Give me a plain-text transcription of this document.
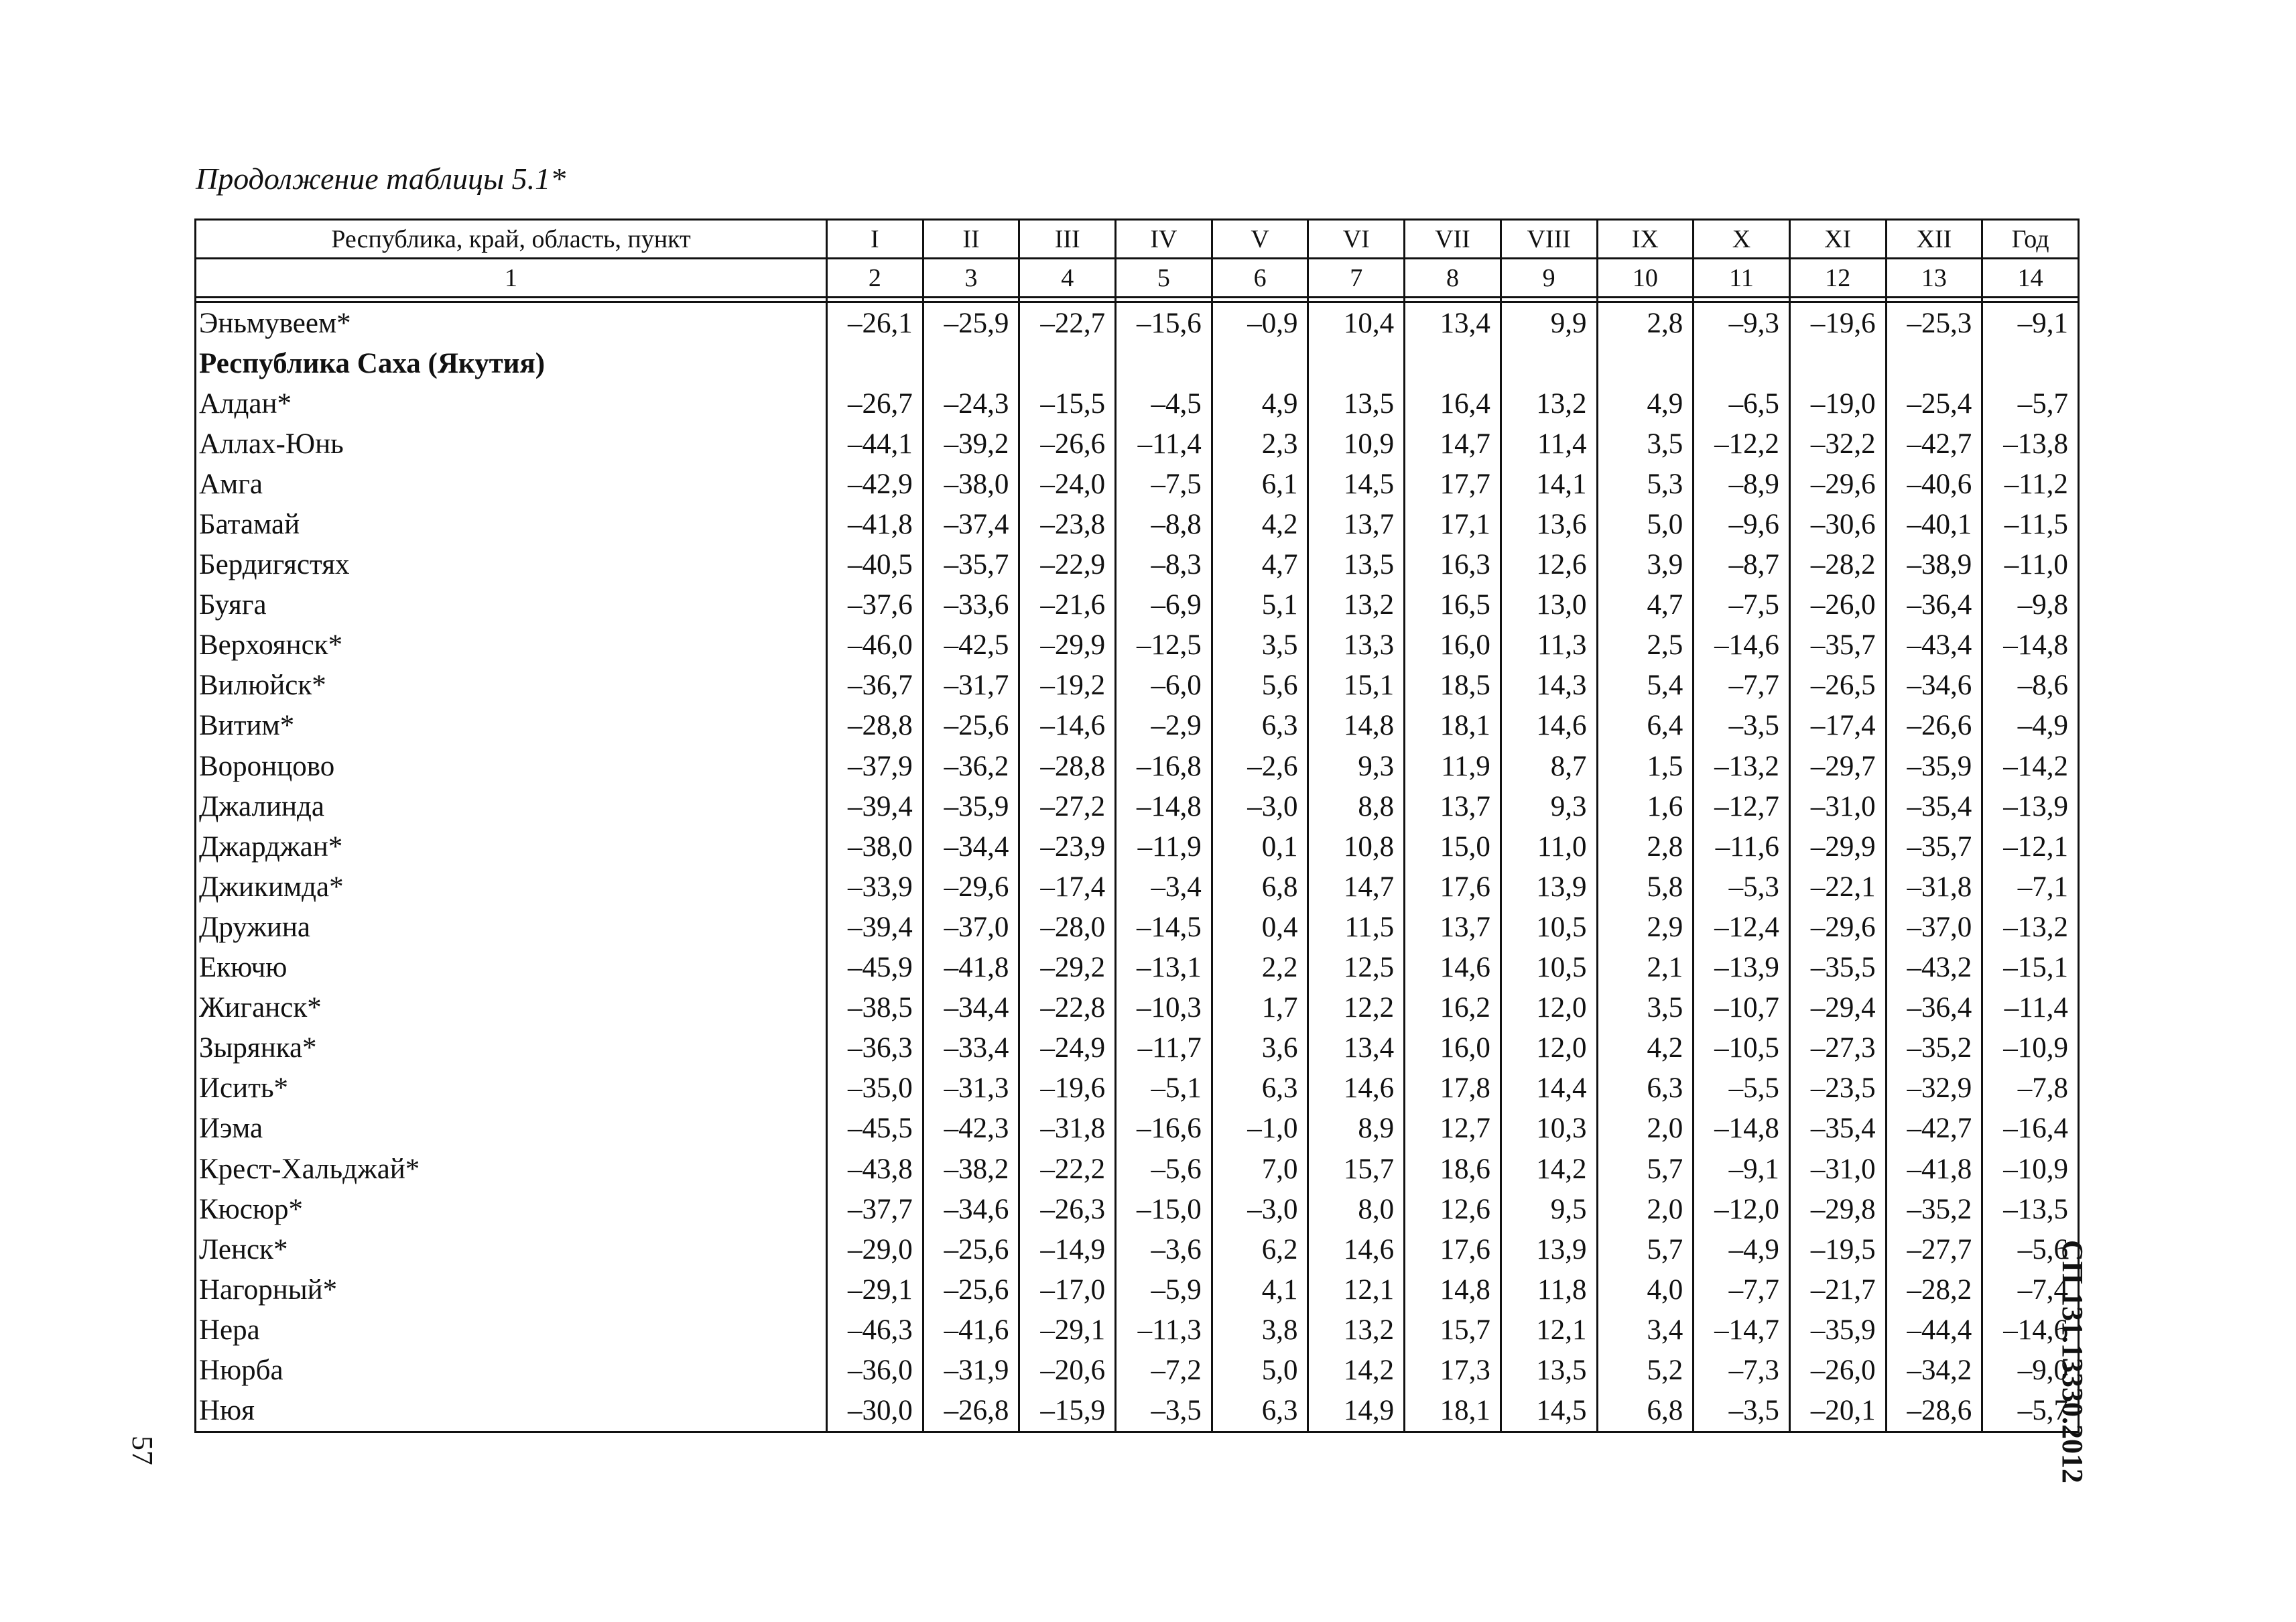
Продолжение таблицы 5.1*
Республика, край, область, пункт	I	II	III	IV	V	VI	VII	VIII	IX	X	XI	XII	Год
1	2	3	4	5	6	7	8	9	10	11	12	13	14

Эньмувеем*	–26,1	–25,9	–22,7	–15,6	–0,9	10,4	13,4	9,9	2,8	–9,3	–19,6	–25,3	–9,1
Республика Саха (Якутия)													
Алдан*	–26,7	–24,3	–15,5	–4,5	4,9	13,5	16,4	13,2	4,9	–6,5	–19,0	–25,4	–5,7
Аллах-Юнь	–44,1	–39,2	–26,6	–11,4	2,3	10,9	14,7	11,4	3,5	–12,2	–32,2	–42,7	–13,8
Амга	–42,9	–38,0	–24,0	–7,5	6,1	14,5	17,7	14,1	5,3	–8,9	–29,6	–40,6	–11,2
Батамай	–41,8	–37,4	–23,8	–8,8	4,2	13,7	17,1	13,6	5,0	–9,6	–30,6	–40,1	–11,5
Бердигястях	–40,5	–35,7	–22,9	–8,3	4,7	13,5	16,3	12,6	3,9	–8,7	–28,2	–38,9	–11,0
Буяга	–37,6	–33,6	–21,6	–6,9	5,1	13,2	16,5	13,0	4,7	–7,5	–26,0	–36,4	–9,8
Верхоянск*	–46,0	–42,5	–29,9	–12,5	3,5	13,3	16,0	11,3	2,5	–14,6	–35,7	–43,4	–14,8
Вилюйск*	–36,7	–31,7	–19,2	–6,0	5,6	15,1	18,5	14,3	5,4	–7,7	–26,5	–34,6	–8,6
Витим*	–28,8	–25,6	–14,6	–2,9	6,3	14,8	18,1	14,6	6,4	–3,5	–17,4	–26,6	–4,9
Воронцово	–37,9	–36,2	–28,8	–16,8	–2,6	9,3	11,9	8,7	1,5	–13,2	–29,7	–35,9	–14,2
Джалинда	–39,4	–35,9	–27,2	–14,8	–3,0	8,8	13,7	9,3	1,6	–12,7	–31,0	–35,4	–13,9
Джарджан*	–38,0	–34,4	–23,9	–11,9	0,1	10,8	15,0	11,0	2,8	–11,6	–29,9	–35,7	–12,1
Джикимда*	–33,9	–29,6	–17,4	–3,4	6,8	14,7	17,6	13,9	5,8	–5,3	–22,1	–31,8	–7,1
Дружина	–39,4	–37,0	–28,0	–14,5	0,4	11,5	13,7	10,5	2,9	–12,4	–29,6	–37,0	–13,2
Екючю	–45,9	–41,8	–29,2	–13,1	2,2	12,5	14,6	10,5	2,1	–13,9	–35,5	–43,2	–15,1
Жиганск*	–38,5	–34,4	–22,8	–10,3	1,7	12,2	16,2	12,0	3,5	–10,7	–29,4	–36,4	–11,4
Зырянка*	–36,3	–33,4	–24,9	–11,7	3,6	13,4	16,0	12,0	4,2	–10,5	–27,3	–35,2	–10,9
Исить*	–35,0	–31,3	–19,6	–5,1	6,3	14,6	17,8	14,4	6,3	–5,5	–23,5	–32,9	–7,8
Иэма	–45,5	–42,3	–31,8	–16,6	–1,0	8,9	12,7	10,3	2,0	–14,8	–35,4	–42,7	–16,4
Крест-Хальджай*	–43,8	–38,2	–22,2	–5,6	7,0	15,7	18,6	14,2	5,7	–9,1	–31,0	–41,8	–10,9
Кюсюр*	–37,7	–34,6	–26,3	–15,0	–3,0	8,0	12,6	9,5	2,0	–12,0	–29,8	–35,2	–13,5
Ленск*	–29,0	–25,6	–14,9	–3,6	6,2	14,6	17,6	13,9	5,7	–4,9	–19,5	–27,7	–5,6
Нагорный*	–29,1	–25,6	–17,0	–5,9	4,1	12,1	14,8	11,8	4,0	–7,7	–21,7	–28,2	–7,4
Нера	–46,3	–41,6	–29,1	–11,3	3,8	13,2	15,7	12,1	3,4	–14,7	–35,9	–44,4	–14,6
Нюрба	–36,0	–31,9	–20,6	–7,2	5,0	14,2	17,3	13,5	5,2	–7,3	–26,0	–34,2	–9,0
Нюя	–30,0	–26,8	–15,9	–3,5	6,3	14,9	18,1	14,5	6,8	–3,5	–20,1	–28,6	–5,7
СП 131.13330.2012
57
